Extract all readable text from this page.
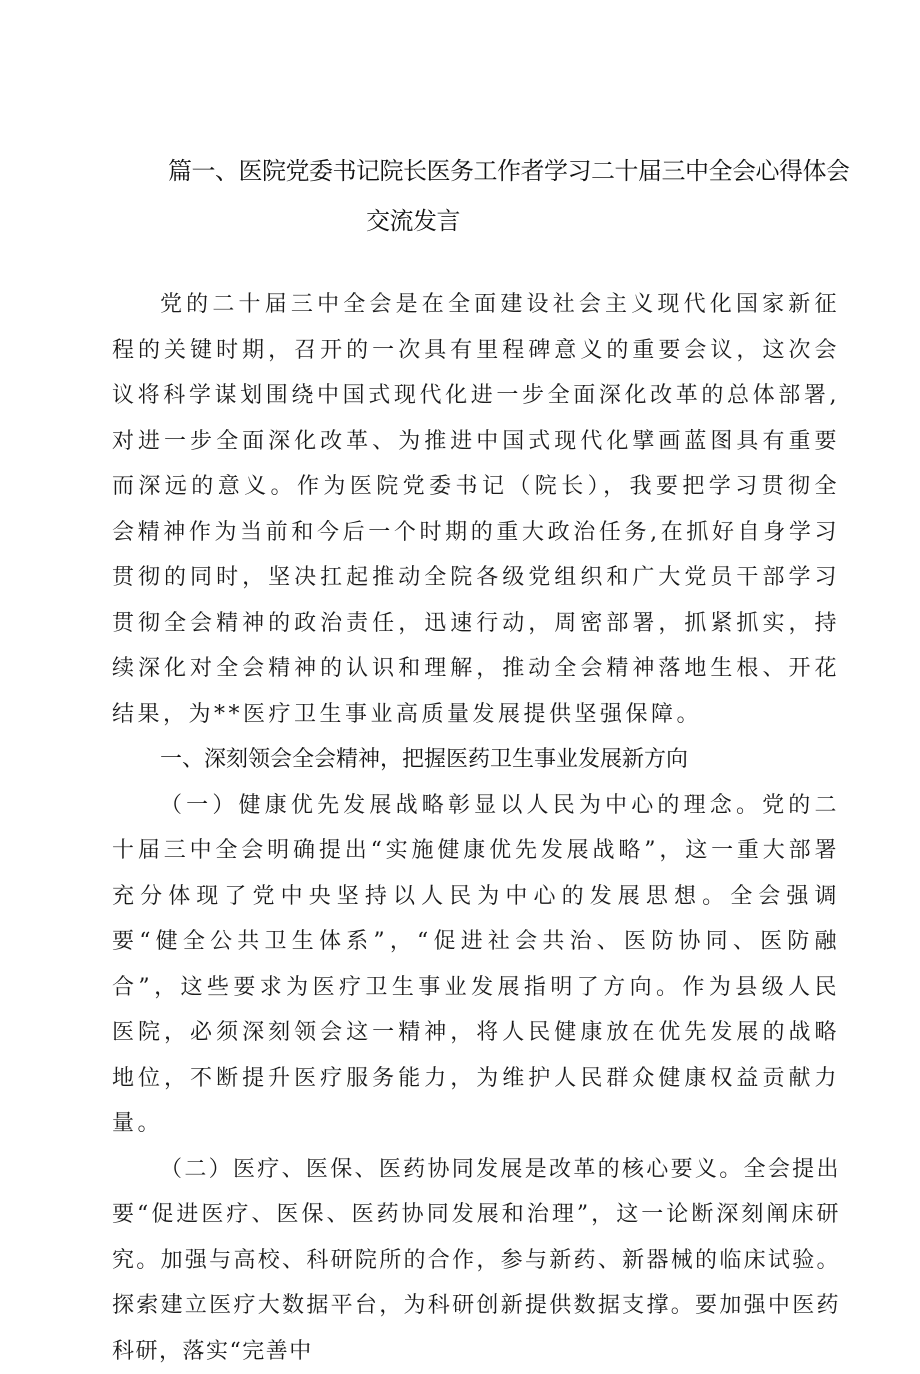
篇一、医院党委书记院长医务工作者学习二十届三中全会心得体会
交流发言

党的二十届三中全会是在全面建设社会主义现代化国家新征程的关键时期，召开的一次具有里程碑意义的重要会议，这次会议将科学谋划围绕中国式现代化进一步全面深化改革的总体部署,对进一步全面深化改革、为推进中国式现代化擘画蓝图具有重要而深远的意义。作为医院党委书记（院长），我要把学习贯彻全会精神作为当前和今后一个时期的重大政治任务,在抓好自身学习贯彻的同时，坚决扛起推动全院各级党组织和广大党员干部学习贯彻全会精神的政治责任，迅速行动，周密部署，抓紧抓实，持续深化对全会精神的认识和理解，推动全会精神落地生根、开花结果，为**医疗卫生事业高质量发展提供坚强保障。

一、深刻领会全会精神，把握医药卫生事业发展新方向

（一）健康优先发展战略彰显以人民为中心的理念。党的二十届三中全会明确提出“实施健康优先发展战略”，这一重大部署充分体现了党中央坚持以人民为中心的发展思想。全会强调要“健全公共卫生体系”，“促进社会共治、医防协同、医防融合”，这些要求为医疗卫生事业发展指明了方向。作为县级人民医院，必须深刻领会这一精神，将人民健康放在优先发展的战略地位，不断提升医疗服务能力，为维护人民群众健康权益贡献力量。

（二）医疗、医保、医药协同发展是改革的核心要义。全会提出要“促进医疗、医保、医药协同发展和治理”，这一论断深刻阐床研究。加强与高校、科研院所的合作，参与新药、新器械的临床试验。探索建立医疗大数据平台，为科研创新提供数据支撑。要加强中医药科研，落实“完善中
